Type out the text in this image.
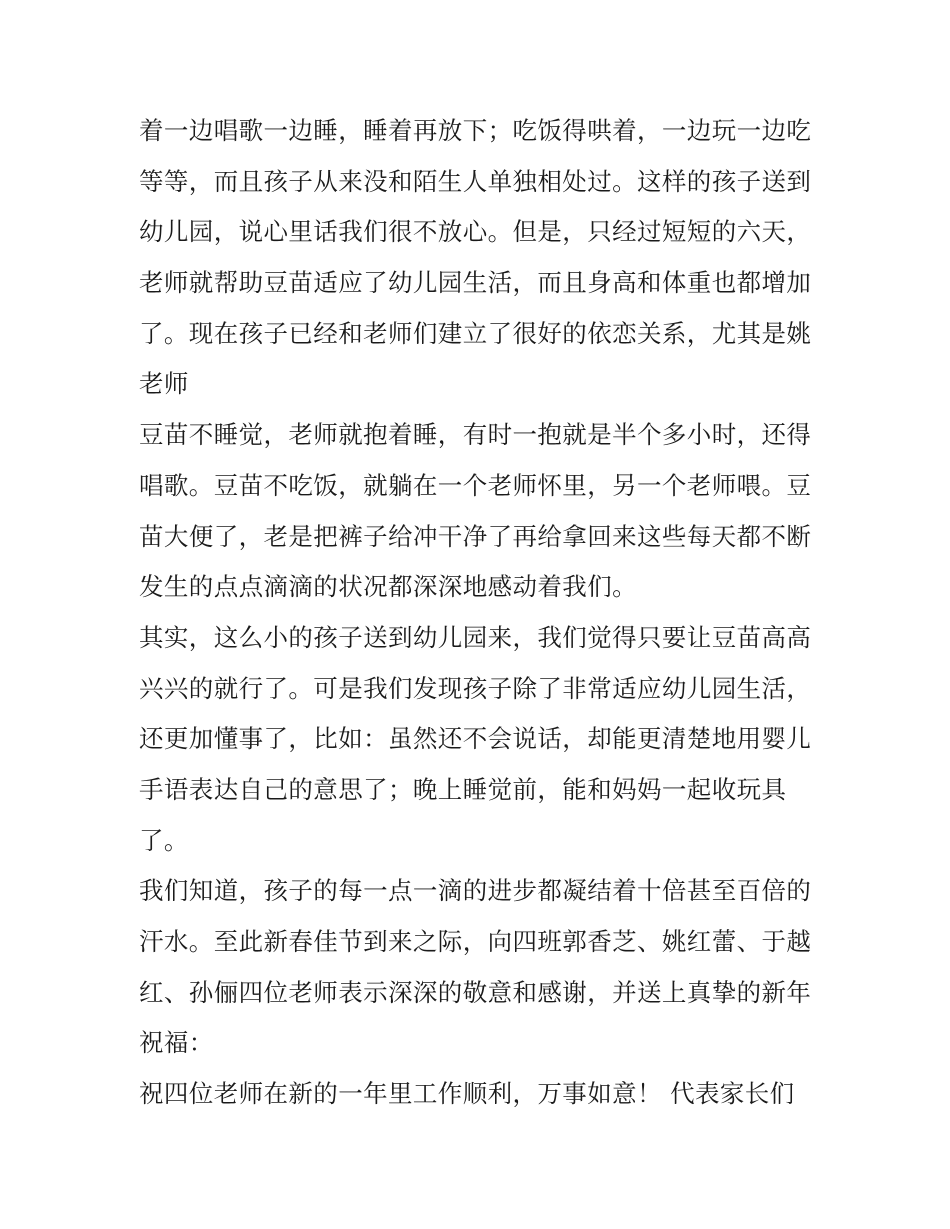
着一边唱歌一边睡，睡着再放下；吃饭得哄着，一边玩一边吃
等等，而且孩子从来没和陌生人单独相处过。这样的孩子送到
幼儿园，说心里话我们很不放心。但是，只经过短短的六天，
老师就帮助豆苗适应了幼儿园生活，而且身高和体重也都增加
了。现在孩子已经和老师们建立了很好的依恋关系，尤其是姚
老师
豆苗不睡觉，老师就抱着睡，有时一抱就是半个多小时，还得
唱歌。豆苗不吃饭，就躺在一个老师怀里，另一个老师喂。豆
苗大便了，老是把裤子给冲干净了再给拿回来这些每天都不断
发生的点点滴滴的状况都深深地感动着我们。
其实，这么小的孩子送到幼儿园来，我们觉得只要让豆苗高高
兴兴的就行了。可是我们发现孩子除了非常适应幼儿园生活，
还更加懂事了，比如：虽然还不会说话，却能更清楚地用婴儿
手语表达自己的意思了；晚上睡觉前，能和妈妈一起收玩具
了。
我们知道，孩子的每一点一滴的进步都凝结着十倍甚至百倍的
汗水。至此新春佳节到来之际，向四班郭香芝、姚红蕾、于越
红、孙俪四位老师表示深深的敬意和感谢，并送上真挚的新年
祝福：
祝四位老师在新的一年里工作顺利，万事如意！ 代表家长们
